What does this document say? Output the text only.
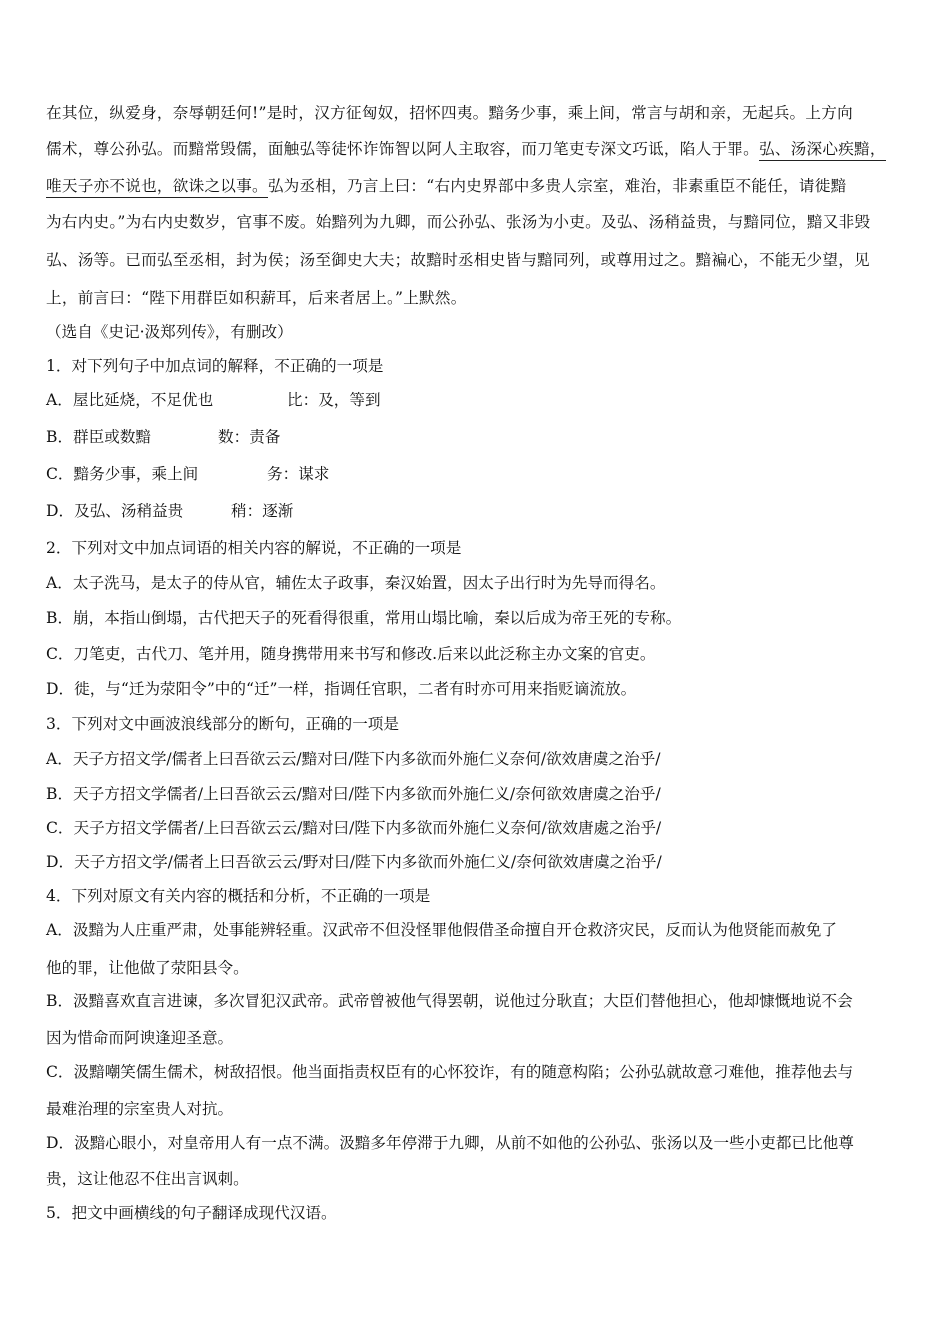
在其位，纵爱身，奈辱朝廷何!”是时，汉方征匈奴，招怀四夷。黯务少事，乘上间，常言与胡和亲，无起兵。上方向
儒术，尊公孙弘。而黯常毁儒，面触弘等徒怀诈饰智以阿人主取容，而刀笔吏专深文巧诋，陷人于罪。弘、汤深心疾黯，
唯天子亦不说也，欲诛之以事。弘为丞相，乃言上曰：“右内史界部中多贵人宗室，难治，非素重臣不能任，请徙黯
为右内史。”为右内史数岁，官事不废。始黯列为九卿，而公孙弘、张汤为小吏。及弘、汤稍益贵，与黯同位，黯又非毁
弘、汤等。已而弘至丞相，封为侯；汤至御史大夫；故黯时丞相史皆与黯同列，或尊用过之。黯褊心，不能无少望，见
上，前言曰：“陛下用群臣如积薪耳，后来者居上。”上默然。
（选自《史记·汲郑列传》，有删改）
1．对下列句子中加点词的解释，不正确的一项是
A．屋比延烧，不足优也	比：及，等到
B．群臣或数黯	数：责备
C．黯务少事，乘上间	务：谋求
D．及弘、汤稍益贵	稍：逐渐
2．下列对文中加点词语的相关内容的解说，不正确的一项是
A．太子洗马，是太子的侍从官，辅佐太子政事，秦汉始置，因太子出行时为先导而得名。
B．崩，本指山倒塌，古代把天子的死看得很重，常用山塌比喻，秦以后成为帝王死的专称。
C．刀笔吏，古代刀、笔并用，随身携带用来书写和修改.后来以此泛称主办文案的官吏。
D．徙，与“迁为荥阳令”中的“迁”一样，指调任官职，二者有时亦可用来指贬谪流放。
3．下列对文中画波浪线部分的断句，正确的一项是
A．天子方招文学/儒者上曰吾欲云云/黯对曰/陛下内多欲而外施仁义奈何/欲效唐虞之治乎/
B．天子方招文学儒者/上曰吾欲云云/黯对曰/陛下内多欲而外施仁义/奈何欲效唐虞之治乎/
C．天子方招文学儒者/上曰吾欲云云/黯对曰/陛下内多欲而外施仁义奈何/欲效唐處之治乎/
D．天子方招文学/儒者上曰吾欲云云/野对曰/陛下内多欲而外施仁义/奈何欲效唐虞之治乎/
4．下列对原文有关内容的概括和分析，不正确的一项是
A．汲黯为人庄重严肃，处事能辨轻重。汉武帝不但没怪罪他假借圣命擅自开仓救济灾民，反而认为他贤能而赦免了
他的罪，让他做了荥阳县令。
B．汲黯喜欢直言进谏，多次冒犯汉武帝。武帝曾被他气得罢朝，说他过分耿直；大臣们替他担心，他却慷慨地说不会
因为惜命而阿谀逢迎圣意。
C．汲黯嘲笑儒生儒术，树敌招恨。他当面指责权臣有的心怀狡诈，有的随意构陷；公孙弘就故意刁难他，推荐他去与
最难治理的宗室贵人对抗。
D．汲黯心眼小，对皇帝用人有一点不满。汲黯多年停滞于九卿，从前不如他的公孙弘、张汤以及一些小吏都已比他尊
贵，这让他忍不住出言讽刺。
5．把文中画横线的句子翻译成现代汉语。
